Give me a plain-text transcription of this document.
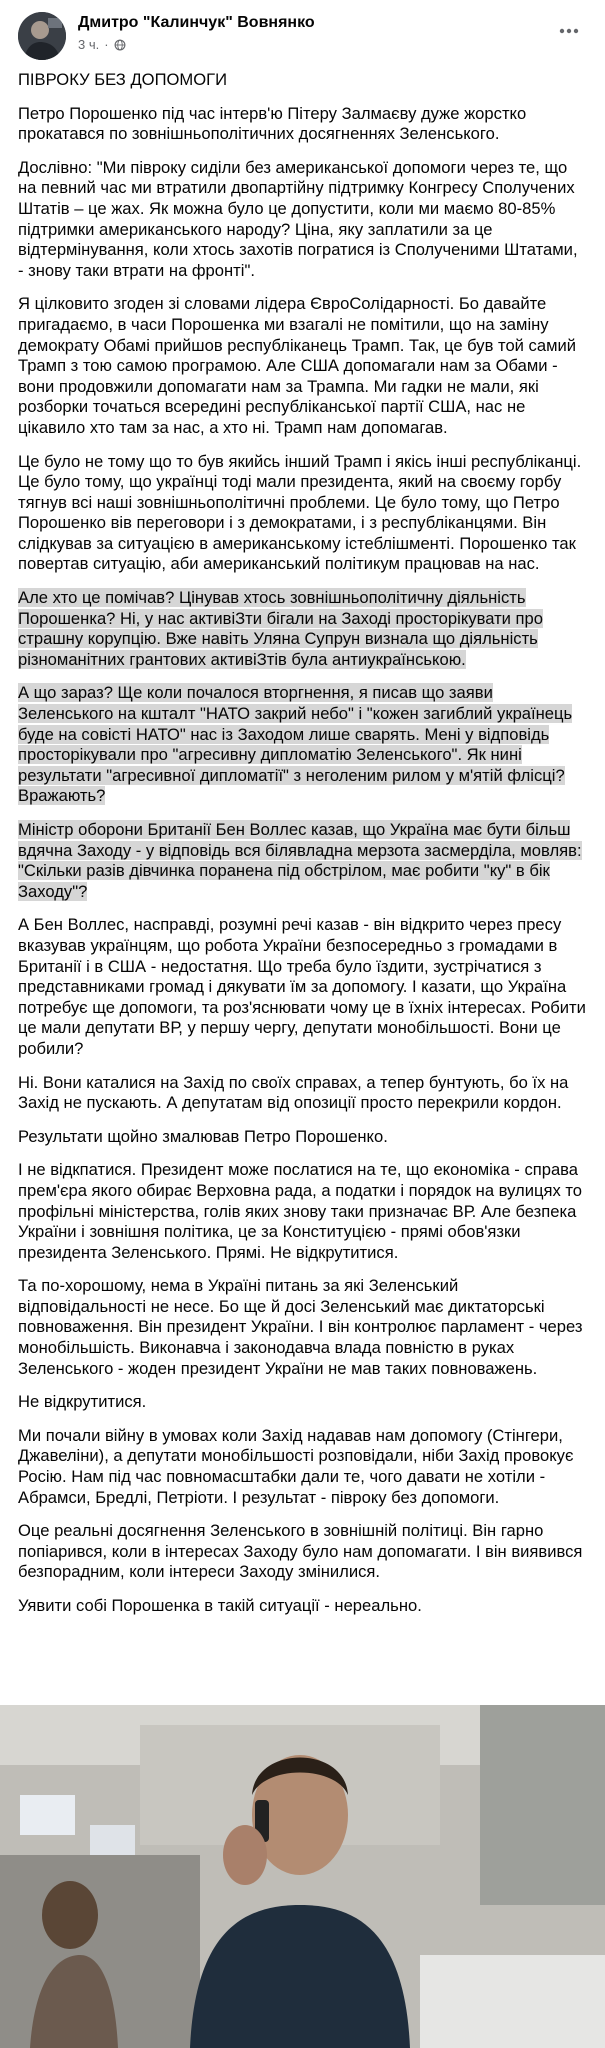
Дмитро "Калинчук" Вовнянко
3 ч. ·

ПІВРОКУ БЕЗ ДОПОМОГИ

Петро Порошенко під час інтерв'ю Пітеру Залмаєву дуже жорстко прокатався по зовнішньополітичних досягненнях Зеленського.

Дослівно: "Ми півроку сиділи без американської допомоги через те, що на певний час ми втратили двопартійну підтримку Конгресу Сполучених Штатів – це жах. Як можна було це допустити, коли ми маємо 80-85% підтримки американського народу? Ціна, яку заплатили за це відтермінування, коли хтось захотів погратися із Сполученими Штатами, - знову таки втрати на фронті".

Я цілковито згоден зі словами лідера ЄвроСолідарності. Бо давайте пригадаємо, в часи Порошенка ми взагалі не помітили, що на заміну демократу Обамі прийшов республіканець Трамп. Так, це був той самий Трамп з тою самою програмою. Але США допомагали нам за Обами - вони продовжили допомагати нам за Трампа. Ми гадки не мали, які розборки точаться всередині республіканської партії США, нас не цікавило хто там за нас, а хто ні. Трамп нам допомагав.

Це було не тому що то був якийсь інший Трамп і якісь інші республіканці. Це було тому, що українці тоді мали президента, який на своєму горбу тягнув всі наші зовнішньополітичні проблеми. Це було тому, що Петро Порошенко вів переговори і з демократами, і з республіканцями. Він слідкував за ситуацією в американському істеблішменті. Порошенко так повертав ситуацію, аби американський політикум працював на нас.

Але хто це помічав? Цінував хтось зовнішньополітичну діяльність Порошенка? Ні, у нас активіЗти бігали на Заході простоpікувати про страшну корупцію. Вже навіть Уляна Супрун визнала що діяльність різноманітних грантових активіЗтів була антиукраїнською.

А що зараз? Ще коли почалося вторгнення, я писав що заяви Зеленського на кшталт "НАТО закрий небо" і "кожен загиблий українець буде на совісті НАТО" нас із Заходом лише сварять. Мені у відповідь простоpікували про "агресивну дипломатію Зеленського". Як нині результати "агресивної дипломатії" з неголеним рилом у м'ятій флісці? Вражають?

Міністр оборони Британії Бен Воллес казав, що Україна має бути більш вдячна Заходу - у відповідь вся білявладна мерзота засмерділа, мовляв: "Скільки разів дівчинка поранена під обстрілом, має робити "ку" в бік Заходу"?

А Бен Воллес, насправді, розумні речі казав - він відкрито через пресу вказував українцям, що робота України безпосередньо з громадами в Британії і в США - недостатня. Що треба було їздити, зустрічатися з представниками громад і дякувати їм за допомогу. І казати, що Україна потребує ще допомоги, та роз'яснювати чому це в їхніх інтересах. Робити це мали депутати ВР, у першу чергу, депутати монобільшості. Вони це робили?

Ні. Вони каталися на Захід по своїх справах, а тепер бунтують, бо їх на Захід не пускають. А депутатам від опозиції просто перекрили кордон.

Результати щойно змалював Петро Порошенко.

І не відкпатися. Президент може послатися на те, що економіка - справа прем'єра якого обирає Верховна рада, а податки і порядок на вулицях то профільні міністерства, голів яких знову таки призначає ВР. Але безпека України і зовнішня політика, це за Конституцією - прямі обов'язки президента Зеленського. Прямі. Не відкрутитися.

Та по-хорошому, нема в Україні питань за які Зеленський відповідальності не несе. Бо ще й досі Зеленський має диктаторські повноваження. Він президент України. І він контролює парламент - через монобільшість. Виконавча і законодавча влада повністю в руках Зеленського - жоден президент України не мав таких повноважень.

Не відкрутитися.

Ми почали війну в умовах коли Захід надавав нам допомогу (Стінгери, Джавеліни), а депутати монобільшості розповідали, ніби Захід провокує Росію. Нам під час повномасштабки дали те, чого давати не хотіли - Абрамси, Бредлі, Петріоти. І результат - півроку без допомоги.

Оце реальні досягнення Зеленського в зовнішній політиці. Він гарно попіарився, коли в інтересах Заходу було нам допомагати. І він виявився безпорадним, коли інтереси Заходу змінилися.

Уявити собі Порошенка в такій ситуації - нереально.
